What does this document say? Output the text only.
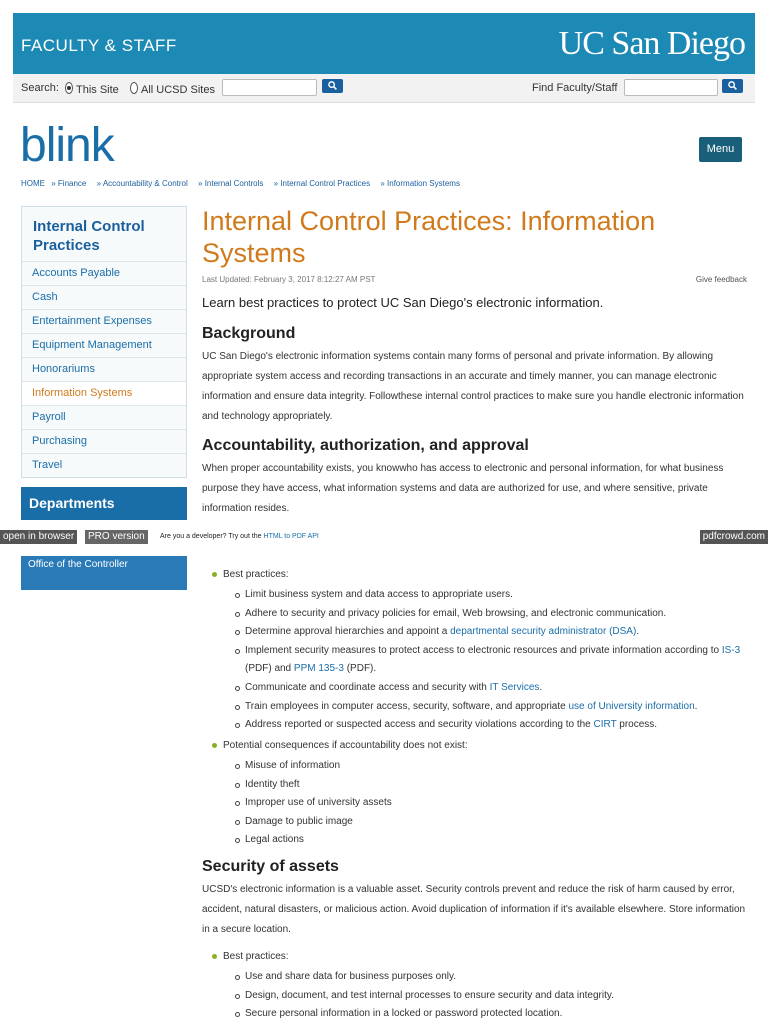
FACULTY & STAFF	UC San Diego
Search:	This Site	All UCSD Sites	Find Faculty/Staff
blink	Menu
HOME » Finance » Accountability & Control » Internal Controls » Internal Control Practices » Information Systems
Internal Control Practices
Accounts Payable
Cash
Entertainment Expenses
Equipment Management
Honorariums
Information Systems
Payroll
Purchasing
Travel
Departments
Office of the Controller
open in browser	PRO version	Are you a developer? Try out the HTML to PDF API	pdfcrowd.com
Internal Control Practices: Information Systems
Last Updated: February 3, 2017 8:12:27 AM PST	Give feedback
Learn best practices to protect UC San Diego's electronic information.
Background
UC San Diego's electronic information systems contain many forms of personal and private information. By allowing appropriate system access and recording transactions in an accurate and timely manner, you can manage electronic information and ensure data integrity. Followthese internal control practices to make sure you handle electronic information and technology appropriately.
Accountability, authorization, and approval
When proper accountability exists, you knowwho has access to electronic and personal information, for what business purpose they have access, what information systems and data are authorized for use, and where sensitive, private information resides.
Best practices:
Limit business system and data access to appropriate users.
Adhere to security and privacy policies for email, Web browsing, and electronic communication.
Determine approval hierarchies and appoint a departmental security administrator (DSA).
Implement security measures to protect access to electronic resources and private information according to IS-3 (PDF) and PPM 135-3 (PDF).
Communicate and coordinate access and security with IT Services.
Train employees in computer access, security, software, and appropriate use of University information.
Address reported or suspected access and security violations according to the CIRT process.
Potential consequences if accountability does not exist:
Misuse of information
Identity theft
Improper use of university assets
Damage to public image
Legal actions
Security of assets
UCSD's electronic information is a valuable asset. Security controls prevent and reduce the risk of harm caused by error, accident, natural disasters, or malicious action. Avoid duplication of information if it's available elsewhere. Store information in a secure location.
Best practices:
Use and share data for business purposes only.
Design, document, and test internal processes to ensure security and data integrity.
Secure personal information in a locked or password protected location.
